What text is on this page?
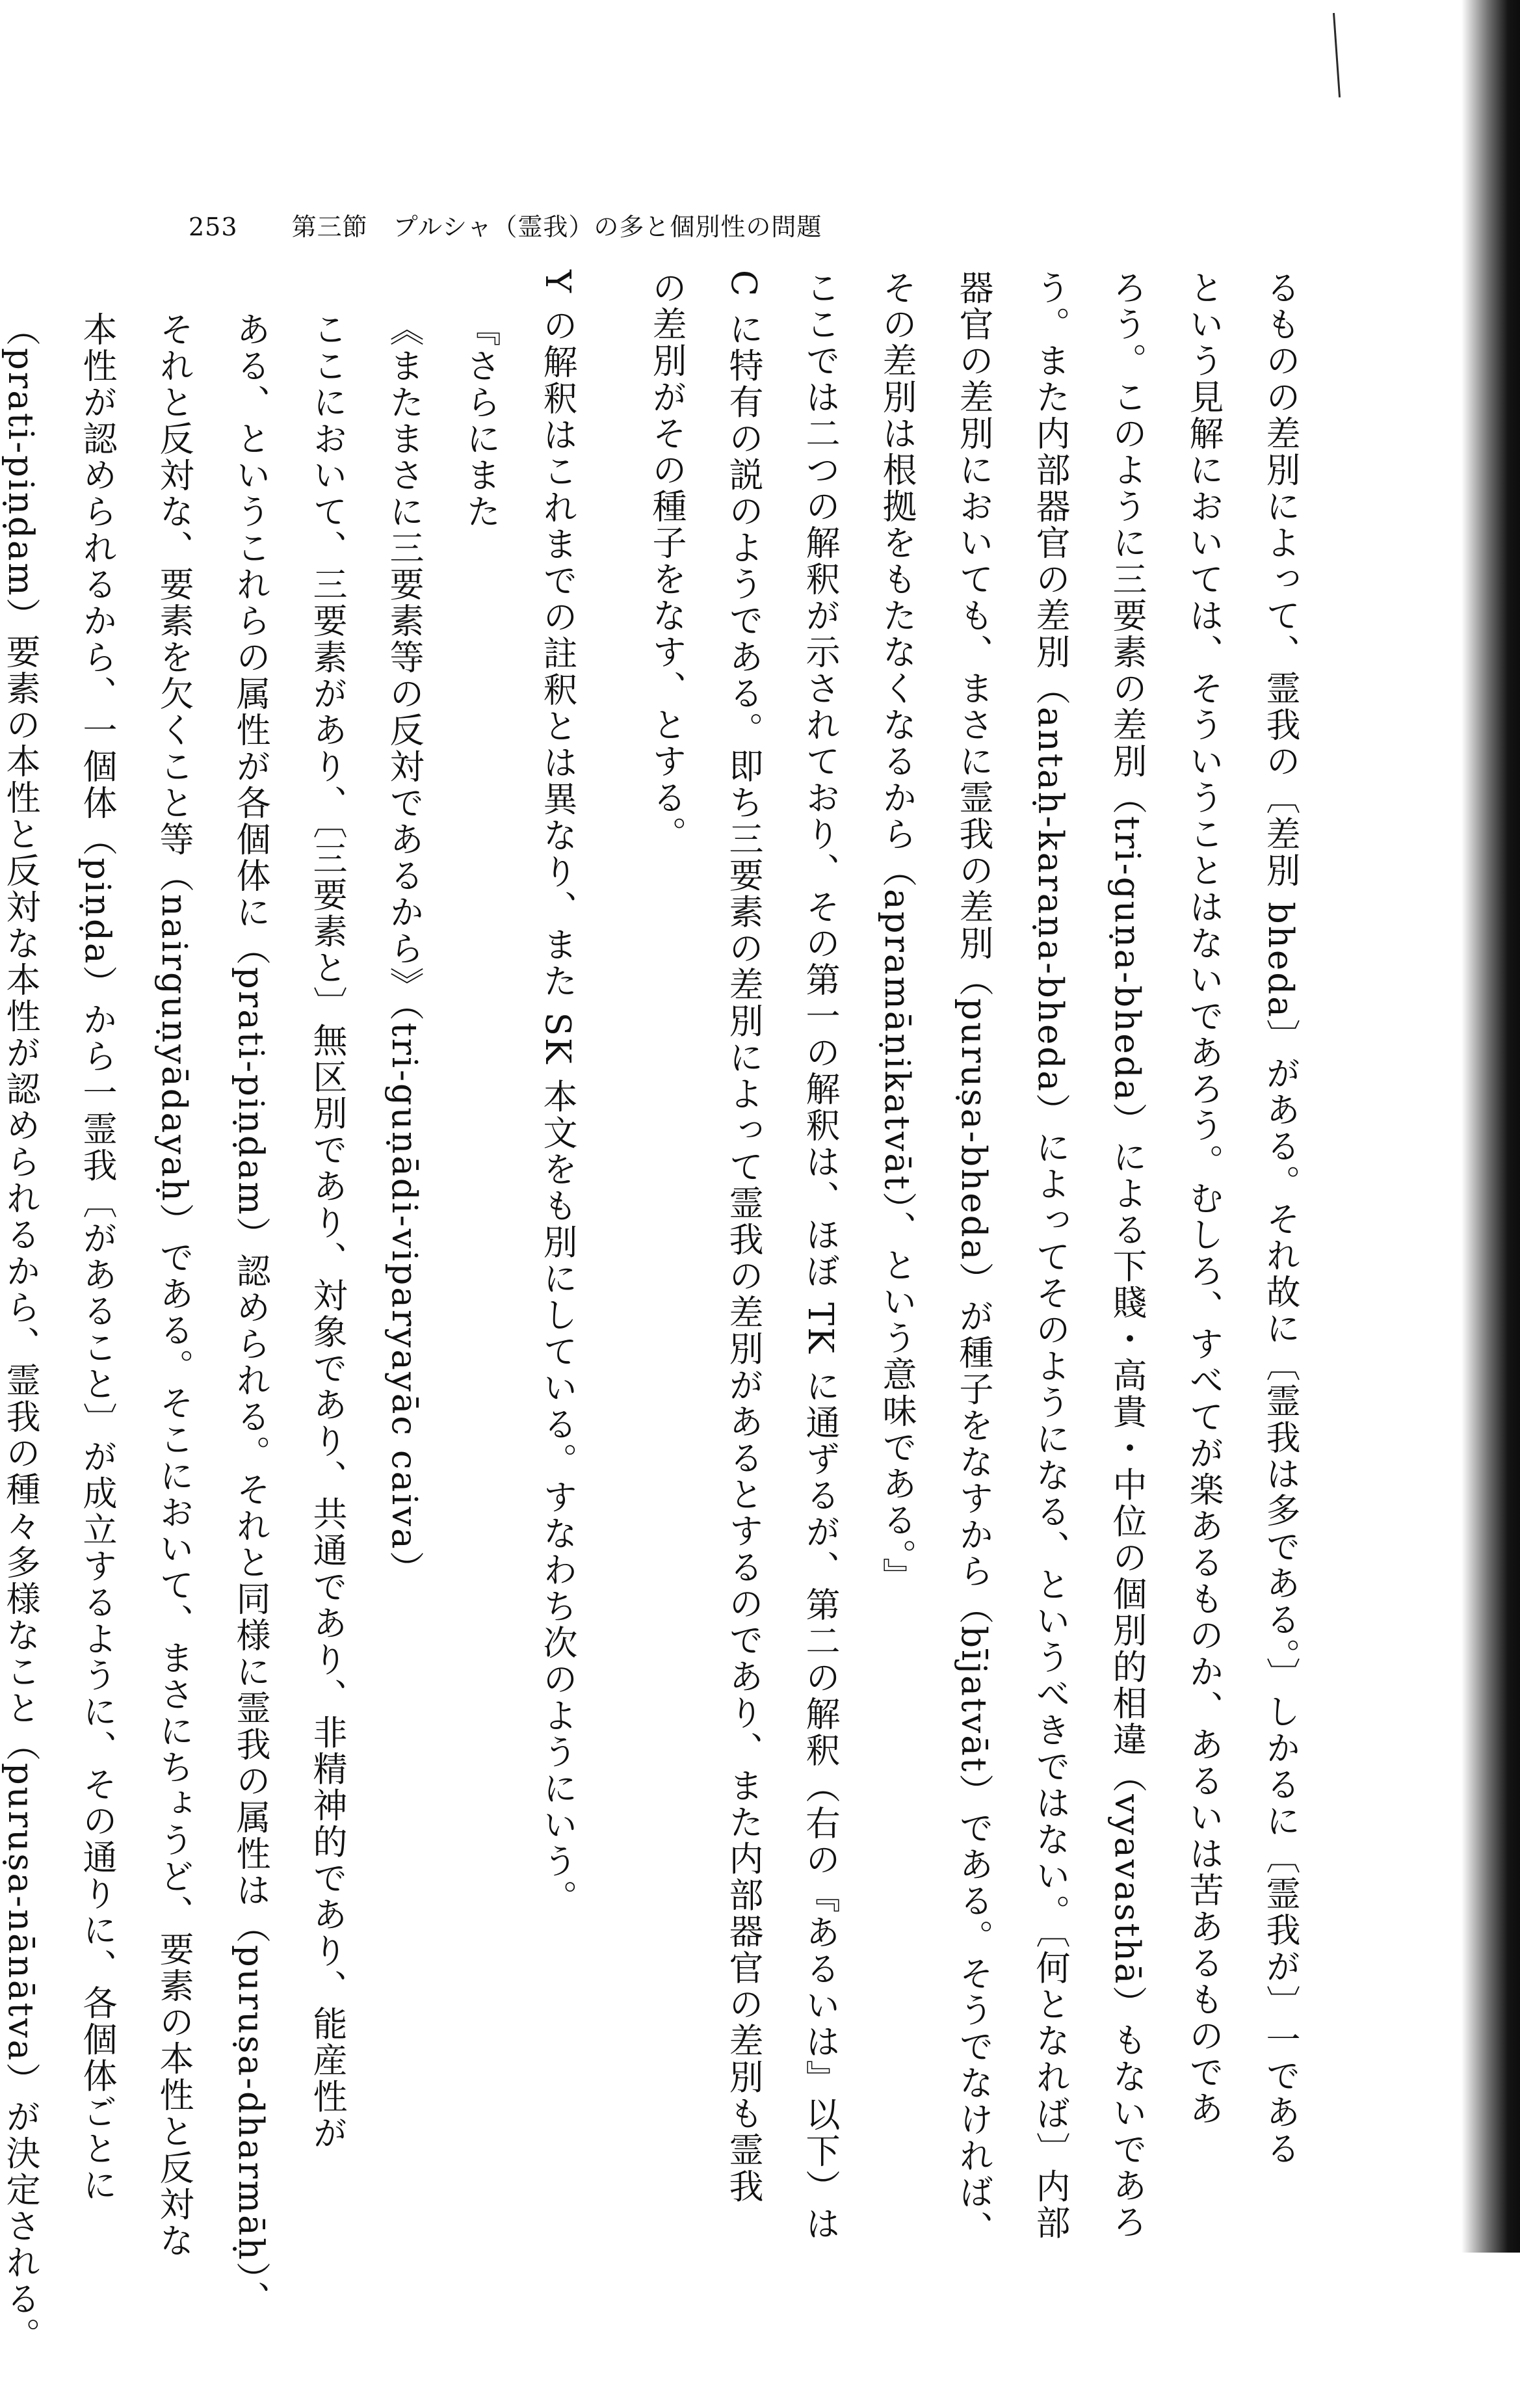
253 第三節　プルシャ（霊我）の多と個別性の問題
るものの差別によって、霊我の〔差別 bheda〕がある。それ故に〔霊我は多である。〕しかるに〔霊我が〕一である
という見解においては、そういうことはないであろう。むしろ、すべてが楽あるものか、あるいは苦あるものであ
ろう。このように三要素の差別（tri-guṇa-bheda）による下賤・高貴・中位の個別的相違（vyavasthā）もないであろ
う。また内部器官の差別（antaḥ-karaṇa-bheda）によってそのようになる、というべきではない。〔何となれば〕内部
器官の差別においても、まさに霊我の差別（puruṣa-bheda）が種子をなすから（bījatvāt）である。そうでなければ、
その差別は根拠をもたなくなるから（apramāṇikatvāt）、という意味である。』
ここでは二つの解釈が示されており、その第一の解釈は、ほぼ TK に通ずるが、第二の解釈（右の『あるいは』以下）は
C に特有の説のようである。即ち三要素の差別によって霊我の差別があるとするのであり、また内部器官の差別も霊我
の差別がその種子をなす、とする。
Y の解釈はこれまでの註釈とは異なり、また SK 本文をも別にしている。すなわち次のようにいう。
『さらにまた
《またまさに三要素等の反対であるから》（tri-guṇādi-viparyayāc caiva）
ここにおいて、三要素があり、〔三要素と〕無区別であり、対象であり、共通であり、非精神的であり、能産性が
ある、というこれらの属性が各個体に（prati-piṇḍam）認められる。それと同様に霊我の属性は（puruṣa-dharmāḥ）、
それと反対な、要素を欠くこと等（nairguṇyādayaḥ）である。そこにおいて、まさにちょうど、要素の本性と反対な
本性が認められるから、一個体（piṇḍa）から一霊我〔があること〕が成立するように、その通りに、各個体ごとに
（prati-piṇḍam）要素の本性と反対な本性が認められるから、霊我の種々多様なこと（puruṣa-nānātva）が決定される。
